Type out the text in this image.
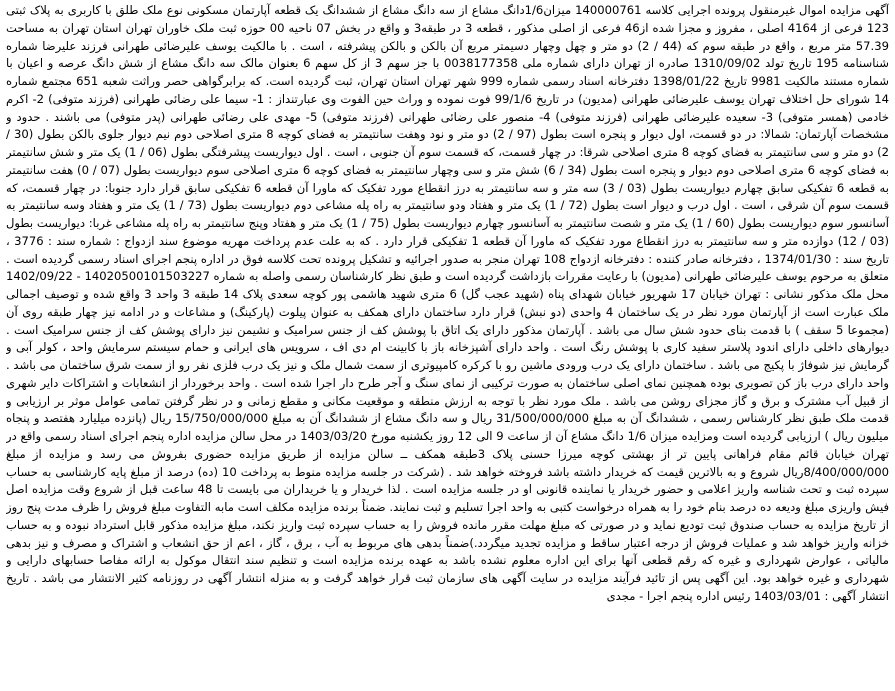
آگهی مزایده اموال غیرمنقول پرونده اجرایی کلاسه 140000761 میزان1/6دانگ مشاع از سه دانگ مشاع از ششدانگ یک قطعه آپارتمان مسکونی نوع ملک طلق با کاربری به پلاک ثبتی 123 فرعی از 4164 اصلی ، مفروز و مجزا شده از46 فرعی از اصلی مذکور ، قطعه 3 در طبقه3 و واقع در بخش 07 ناحیه 00 حوزه ثبت ملک خاوران تهران استان تهران به مساحت 57.39 متر مربع ، واقع در طبقه سوم که (44 / 2) دو متر و چهل وچهار دسیمتر مربع آن بالکن و بالکن پیشرفته ، است . با مالکیت یوسف علیرضائی طهرانی فرزند علیرضا شماره شناسنامه 195 تاریخ تولد 1310/09/02 صادره از تهران دارای شماره ملی 0038177358 با جز سهم 3 از کل سهم 6 بعنوان مالک سه دانگ مشاع از شش دانگ عرصه و اعیان با شماره مستند مالکیت 9981 تاریخ 1398/01/22 دفترخانه اسناد رسمی شماره 999 شهر تهران استان تهران، ثبت گردیده است. که برابرگواهی حصر وراثت شعبه 651 مجتمع شماره 14 شورای حل اختلاف تهران یوسف علیرضائی طهرانی (مدیون) در تاریخ 99/1/6 فوت نموده و وراث حین الفوت وی عبارتنداز : 1- سیما علی رضائی طهرانی (فرزند متوفی) 2- اکرم خادمی (همسر متوفی) 3- سعیده علیرضائی طهرانی (فرزند متوفی) 4- منصور علی رضائی طهرانی (فرزند متوفی) 5- مهدی علی رضائی طهرانی (پدر متوفی) می باشند . حدود و مشخصات آپارتمان: شمالا: در دو قسمت، اول دیوار و پنجره است بطول (97 / 2) دو متر و نود وهفت سانتیمتر به فضای کوچه 8 متری اصلاحی دوم نیم دیوار جلوی بالکن بطول (30 / 2) دو متر و سی سانتیمتر به فضای کوچه 8 متری اصلاحی شرقا: در چهار قسمت، که قسمت سوم آن جنوبی ، است . اول دیواریست پیشرفتگی بطول (06 / 1) یک متر و شش سانتیمتر به فضای کوچه 6 متری اصلاحی دوم دیوار و پنجره است بطول (34 / 6) شش متر و سی وچهار سانتیمتر به فضای کوچه 6 متری اصلاحی سوم دیواریست بطول (07 / 0) هفت سانتیمتر به قطعه 6 تفکیکی سابق چهارم دیواریست بطول (03 / 3) سه متر و سه سانتیمتر به درز انقطاع مورد تفکیک که ماورا آن قطعه 6 تفکیکی سابق قرار دارد جنوبا: در چهار قسمت، که قسمت سوم آن شرقی ، است . اول درب و دیوار است بطول (72 / 1) یک متر و هفتاد ودو سانتیمتر به راه پله مشاعی دوم دیواریست بطول (73 / 1) یک متر و هفتاد وسه سانتیمتر به آسانسور سوم دیواریست بطول (60 / 1) یک متر و شصت سانتیمتر به آسانسور چهارم دیواریست بطول (75 / 1) یک متر و هفتاد وپنج سانتیمتر به راه پله مشاعی غربا: دیواریست بطول (03 / 12) دوازده متر و سه سانتیمتر به درز انقطاع مورد تفکیک که ماورا آن قطعه 1 تفکیکی قرار دارد . که به علت عدم پرداخت مهریه موضوع سند ازدواج : شماره سند : 3776 ، تاریخ سند : 1374/01/30 ، دفترخانه صادر کننده : دفترخانه ازدواج 108 تهران منجر به صدور اجرائیه و تشکیل پرونده تحت کلاسه فوق در اداره پنجم اجرای اسناد رسمی گردیده است . متعلق به مرحوم یوسف علیرضائی طهرانی (مدیون) با رعایت مقررات بازداشت گردیده است و طبق نظر کارشناسان رسمی واصله به شماره 14020500101503227 - 1402/09/22 محل ملک مذکور نشانی : تهران خیابان 17 شهریور خیابان شهدای پناه (شهید عجب گل) 6 متری شهید هاشمی پور کوچه سعدی پلاک 14 طبقه 3 واحد 3 واقع شده و توصیف اجمالی ملک عبارت است از آپارتمان مورد نظر در یک ساختمان 4 واحدی (دو نبش) قرار دارد ساختمان دارای همکف به عنوان پیلوت (پارکینگ) و مشاعات و در ادامه نیز چهار طبقه روی آن (مجموعا 5 سقف ) با قدمت بنای حدود شش سال می باشد . آپارتمان مذکور دارای یک اتاق با پوشش کف از جنس سرامیک و نشیمن نیز دارای پوشش کف از جنس سرامیک است . دیوارهای داخلی دارای اندود پلاستر سفید کاری با پوشش رنگ است . واحد دارای آشپزخانه باز با کابینت ام دی اف ، سرویس های ایرانی و حمام سیستم سرمایش واحد ، کولر آبی و گرمایش نیز شوفاژ با پکیج می باشد . ساختمان دارای یک درب ورودی ماشین رو با کرکره کامپیوتری از سمت شمال ملک و نیز یک درب فلزی نفر رو از سمت شرق ساختمان می باشد . واحد دارای درب باز کن تصویری بوده همچنین نمای اصلی ساختمان به صورت ترکیبی از نمای سنگ و آجر طرح دار اجرا شده است . واحد برخوردار از انشعابات و اشتراکات دایر شهری از قبیل آب مشترک و برق و گاز مجزای روشن می باشد . ملک مورد نظر با توجه به ارزش منطقه و موقعیت مکانی و مقطع زمانی و در نظر گرفتن تمامی عوامل موثر بر ارزیابی و قدمت ملک طبق نظر کارشناس رسمی ، ششدانگ آن به مبلغ 31/500/000/000 ریال و سه دانگ مشاع از ششدانگ آن به مبلغ 15/750/000/000 ریال (پانزده میلیارد هفتصد و پنجاه میلیون ریال ) ارزیابی گردیده است ومزایده میزان 1/6 دانگ مشاع آن از ساعت 9 الی 12 روز یکشنبه مورخ 1403/03/20 در محل سالن مزایده اداره پنجم اجرای اسناد رسمی واقع در تهران خیابان قائم مقام فراهانی پایین تر از بهشتی کوچه میرزا حسنی پلاک 3طبقه همکف ــ سالن مزایده از طریق مزایده حضوری بفروش می رسد و مزایده از مبلغ 8/400/000/000ریال شروع و به بالاترین قیمت که خریدار داشته باشد فروخته خواهد شد . (شرکت در جلسه مزایده منوط به پرداخت 10 (ده) درصد از مبلغ پایه کارشناسی به حساب سپرده ثبت و تحت شناسه واریز اعلامی و حضور خریدار یا نماینده قانونی او در جلسه مزایده است . لذا خریدار و یا خریداران می بایست تا 48 ساعت قبل از شروع وقت مزایده اصل فیش واریزی مبلغ ودیعه ده درصد بنام خود را به همراه درخواست کتبی به واحد اجرا تسلیم و ثبت نمایند. ضمناً برنده مزایده مکلف است مابه التفاوت مبلغ فروش را ظرف مدت پنج روز از تاریخ مزایده به حساب صندوق ثبت تودیع نماید و در صورتی که مبلغ مهلت مقرر مانده فروش را به حساب سپرده ثبت واریز نکند، مبلغ مزایده مذکور قابل استرداد نبوده و به حساب خزانه واریز خواهد شد و عملیات فروش از درجه اعتبار ساقط و مزایده تجدید میگردد.)ضمناً بدهی های مربوط به آب ، برق ، گاز ، اعم از حق انشعاب و اشتراک و مصرف و نیز بدهی مالیاتی ، عوارض شهرداری و غیره که رقم قطعی آنها برای این اداره معلوم نشده باشد به عهده برنده مزایده است و تنظیم سند انتقال موکول به ارائه مفاصا حسابهای دارایی و شهرداری و غیره خواهد بود. این آگهی پس از تائید فرآیند مزایده در سایت آگهی های سازمان ثبت قرار خواهد گرفت و به منزله انتشار آگهی در روزنامه کثیر الانتشار می باشد . تاریخ انتشار آگهی : 1403/03/01 رئیس اداره پنجم اجرا - مجدی
